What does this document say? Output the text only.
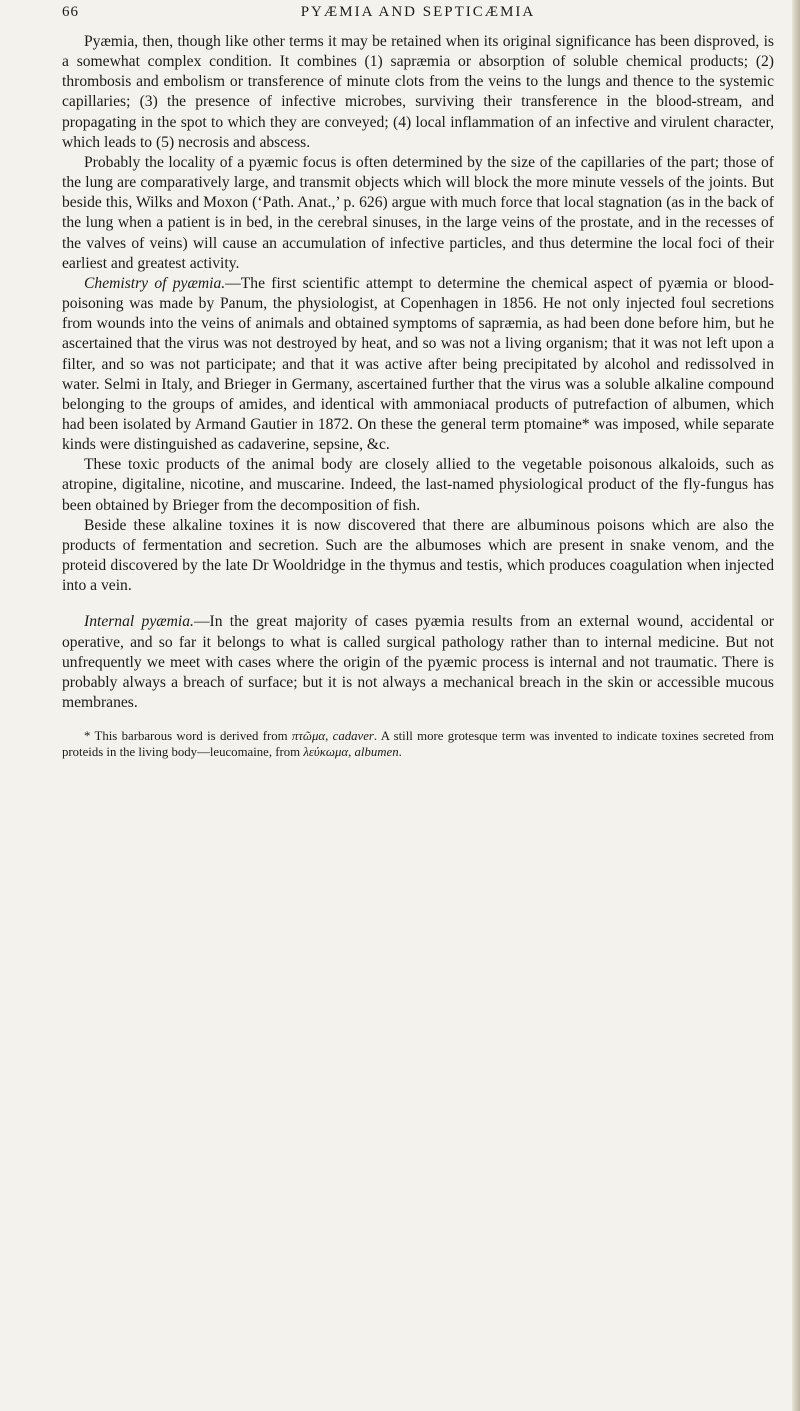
66	PYÆMIA AND SEPTICÆMIA

Pyæmia, then, though like other terms it may be retained when its original significance has been disproved, is a somewhat complex condition. It combines (1) sapræmia or absorption of soluble chemical products; (2) thrombosis and embolism or transference of minute clots from the veins to the lungs and thence to the systemic capillaries; (3) the presence of infective microbes, surviving their transference in the blood-stream, and propagating in the spot to which they are conveyed; (4) local inflammation of an infective and virulent character, which leads to (5) necrosis and abscess.

Probably the locality of a pyæmic focus is often determined by the size of the capillaries of the part; those of the lung are comparatively large, and transmit objects which will block the more minute vessels of the joints. But beside this, Wilks and Moxon (‘Path. Anat.,’ p. 626) argue with much force that local stagnation (as in the back of the lung when a patient is in bed, in the cerebral sinuses, in the large veins of the prostate, and in the recesses of the valves of veins) will cause an accumulation of infective particles, and thus determine the local foci of their earliest and greatest activity.

Chemistry of pyæmia.—The first scientific attempt to determine the chemical aspect of pyæmia or blood-poisoning was made by Panum, the physiologist, at Copenhagen in 1856. He not only injected foul secretions from wounds into the veins of animals and obtained symptoms of sapræmia, as had been done before him, but he ascertained that the virus was not destroyed by heat, and so was not a living organism; that it was not left upon a filter, and so was not participate; and that it was active after being precipitated by alcohol and redissolved in water. Selmi in Italy, and Brieger in Germany, ascertained further that the virus was a soluble alkaline compound belonging to the groups of amides, and identical with ammoniacal products of putrefaction of albumen, which had been isolated by Armand Gautier in 1872. On these the general term ptomaine* was imposed, while separate kinds were distinguished as cadaverine, sepsine, &c.

These toxic products of the animal body are closely allied to the vegetable poisonous alkaloids, such as atropine, digitaline, nicotine, and muscarine. Indeed, the last-named physiological product of the fly-fungus has been obtained by Brieger from the decomposition of fish.

Beside these alkaline toxines it is now discovered that there are albuminous poisons which are also the products of fermentation and secretion. Such are the albumoses which are present in snake venom, and the proteid discovered by the late Dr Wooldridge in the thymus and testis, which produces coagulation when injected into a vein.

Internal pyæmia.—In the great majority of cases pyæmia results from an external wound, accidental or operative, and so far it belongs to what is called surgical pathology rather than to internal medicine. But not unfrequently we meet with cases where the origin of the pyæmic process is internal and not traumatic. There is probably always a breach of surface; but it is not always a mechanical breach in the skin or accessible mucous membranes.

* This barbarous word is derived from πτῶμα, cadaver. A still more grotesque term was invented to indicate toxines secreted from proteids in the living body—leucomaine, from λεύκωμα, albumen.
